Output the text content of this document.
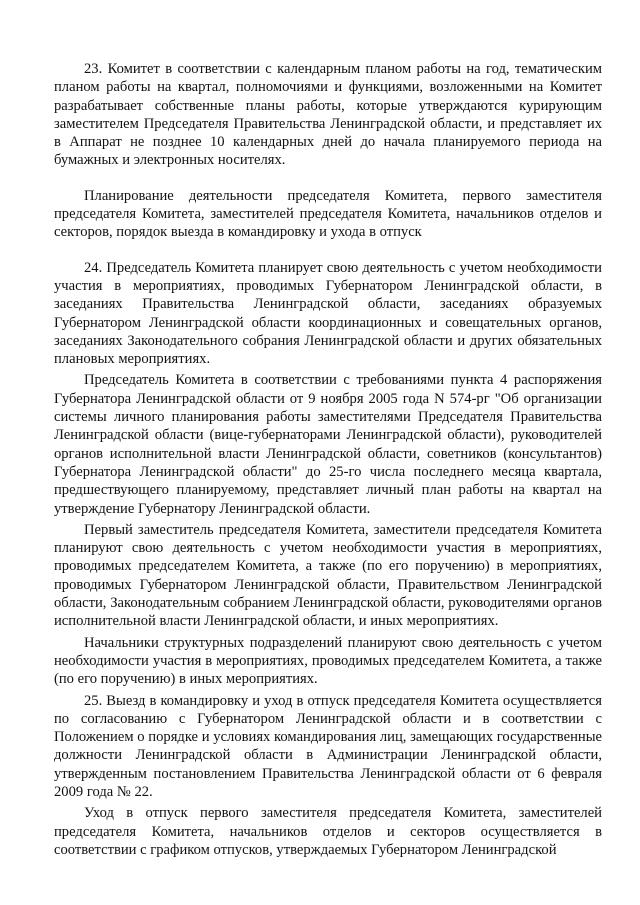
23. Комитет в соответствии с календарным планом работы на год, тематическим планом работы на квартал, полномочиями и функциями, возложенными на Комитет разрабатывает собственные планы работы, которые утверждаются курирующим заместителем Председателя Правительства Ленинградской области, и представляет их в Аппарат не позднее 10 календарных дней до начала планируемого периода на бумажных и электронных носителях.

Планирование деятельности председателя Комитета, первого заместителя председателя Комитета, заместителей председателя Комитета, начальников отделов и секторов, порядок выезда в командировку и ухода в отпуск

24. Председатель Комитета планирует свою деятельность с учетом необходимости участия в мероприятиях, проводимых Губернатором Ленинградской области, в заседаниях Правительства Ленинградской области, заседаниях образуемых Губернатором Ленинградской области координационных и совещательных органов, заседаниях Законодательного собрания Ленинградской области и других обязательных плановых мероприятиях.

Председатель Комитета в соответствии с требованиями пункта 4 распоряжения Губернатора Ленинградской области от 9 ноября 2005 года N 574-рг "Об организации системы личного планирования работы заместителями Председателя Правительства Ленинградской области (вице-губернаторами Ленинградской области), руководителей органов исполнительной власти Ленинградской области, советников (консультантов) Губернатора Ленинградской области" до 25-го числа последнего месяца квартала, предшествующего планируемому, представляет личный план работы на квартал на утверждение Губернатору Ленинградской области.

Первый заместитель председателя Комитета, заместители председателя Комитета планируют свою деятельность с учетом необходимости участия в мероприятиях, проводимых председателем Комитета, а также (по его поручению) в мероприятиях, проводимых Губернатором Ленинградской области, Правительством Ленинградской области, Законодательным собранием Ленинградской области, руководителями органов исполнительной власти Ленинградской области, и иных мероприятиях.

Начальники структурных подразделений планируют свою деятельность с учетом необходимости участия в мероприятиях, проводимых председателем Комитета, а также (по его поручению) в иных мероприятиях.

25. Выезд в командировку и уход в отпуск председателя Комитета осуществляется по согласованию с Губернатором Ленинградской области и в соответствии с Положением о порядке и условиях командирования лиц, замещающих государственные должности Ленинградской области в Администрации Ленинградской области, утвержденным постановлением Правительства Ленинградской области от 6 февраля 2009 года № 22.

Уход в отпуск первого заместителя председателя Комитета, заместителей председателя Комитета, начальников отделов и секторов осуществляется в соответствии с графиком отпусков, утверждаемых Губернатором Ленинградской
